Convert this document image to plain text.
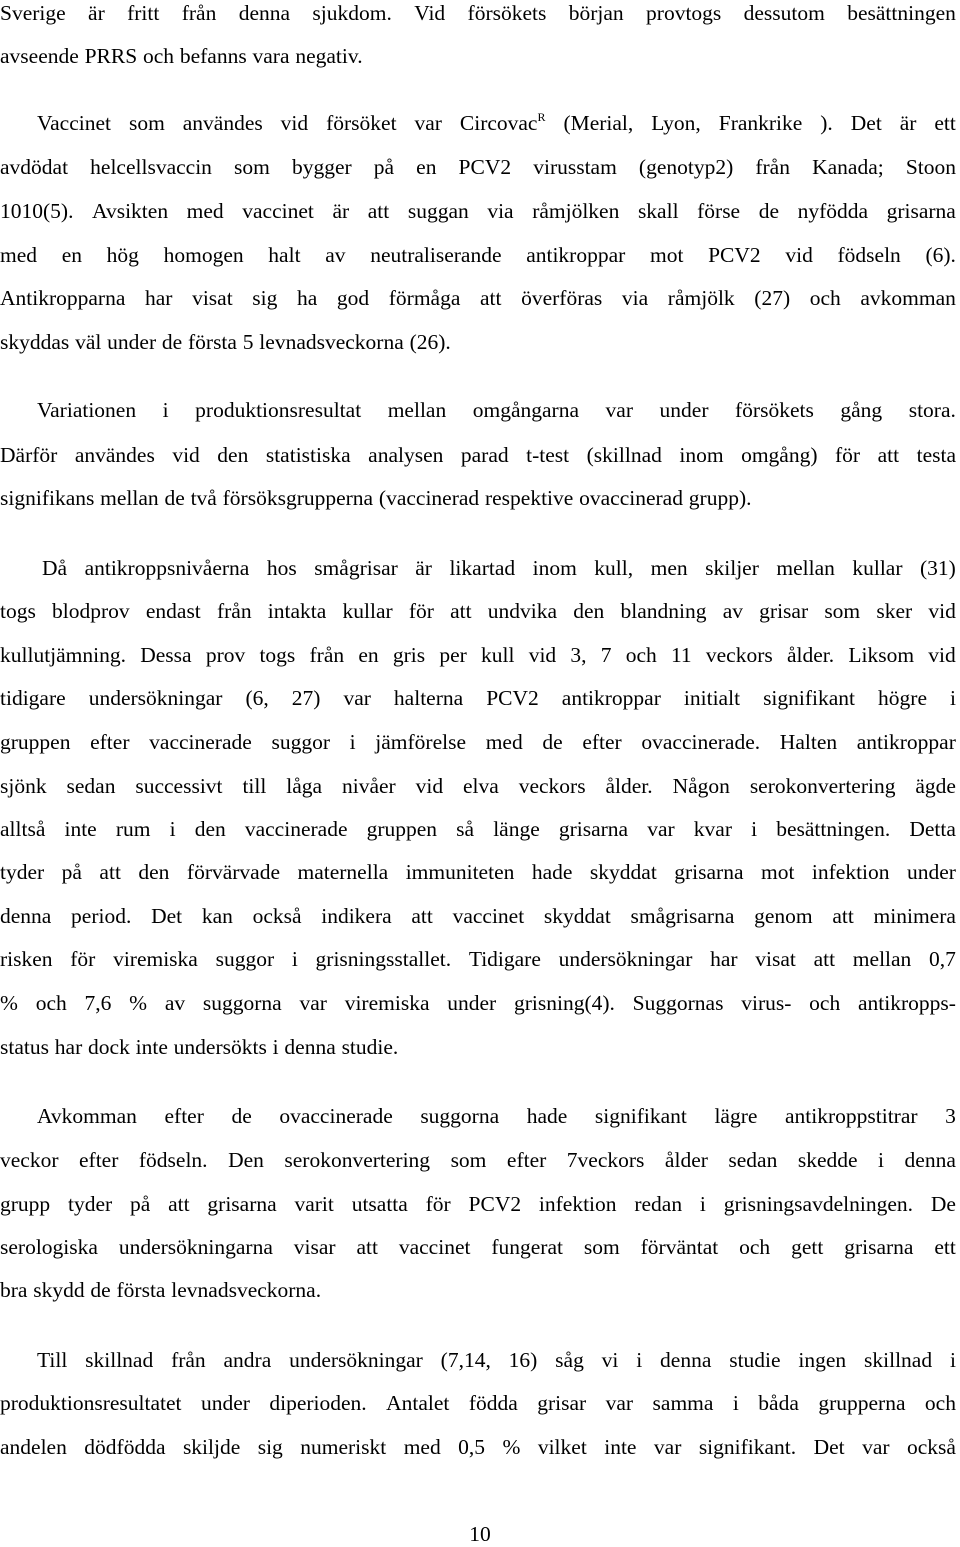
Sverige är fritt från denna sjukdom. Vid försökets början provtogs dessutom besättningen
avseende PRRS och befanns vara negativ.
Vaccinet som användes vid försöket var Circovac$^R$ (Merial, Lyon, Frankrike ). Det är ett
avdödat helcellsvaccin som bygger på en PCV2 virusstam (genotyp2) från Kanada; Stoon
1010(5). Avsikten med vaccinet är att suggan via råmjölken skall förse de nyfödda grisarna
med en hög homogen halt av neutraliserande antikroppar mot PCV2 vid födseln (6).
Antikropparna har visat sig ha god förmåga att överföras via råmjölk (27) och avkomman
skyddas väl under de första 5 levnadsveckorna (26).
Variationen i produktionsresultat mellan omgångarna var under försökets gång stora.
Därför användes vid den statistiska analysen parad t-test (skillnad inom omgång) för att testa
signifikans mellan de två försöksgrupperna (vaccinerad respektive ovaccinerad grupp).
Då antikroppsnivåerna hos smågrisar är likartad inom kull, men skiljer mellan kullar (31)
togs blodprov endast från intakta kullar för att undvika den blandning av grisar som sker vid
kullutjämning. Dessa prov togs från en gris per kull vid 3, 7 och 11 veckors ålder. Liksom vid
tidigare undersökningar (6, 27) var halterna PCV2 antikroppar initialt signifikant högre i
gruppen efter vaccinerade suggor i jämförelse med de efter ovaccinerade. Halten antikroppar
sjönk sedan successivt till låga nivåer vid elva veckors ålder. Någon serokonvertering ägde
alltså inte rum i den vaccinerade gruppen så länge grisarna var kvar i besättningen. Detta
tyder på att den förvärvade maternella immuniteten hade skyddat grisarna mot infektion under
denna period. Det kan också indikera att vaccinet skyddat smågrisarna genom att minimera
risken för viremiska suggor i grisningsstallet. Tidigare undersökningar har visat att mellan 0,7
% och 7,6 % av suggorna var viremiska under grisning(4). Suggornas virus- och antikropps-
status har dock inte undersökts i denna studie.
Avkomman efter de ovaccinerade suggorna hade signifikant lägre antikroppstitrar 3
veckor efter födseln. Den serokonvertering som efter 7veckors ålder sedan skedde i denna
grupp tyder på att grisarna varit utsatta för PCV2 infektion redan i grisningsavdelningen. De
serologiska undersökningarna visar att vaccinet fungerat som förväntat och gett grisarna ett
bra skydd de första levnadsveckorna.
Till skillnad från andra undersökningar (7,14, 16) såg vi i denna studie ingen skillnad i
produktionsresultatet under diperioden. Antalet födda grisar var samma i båda grupperna och
andelen dödfödda skiljde sig numeriskt med 0,5 % vilket inte var signifikant. Det var också
10
